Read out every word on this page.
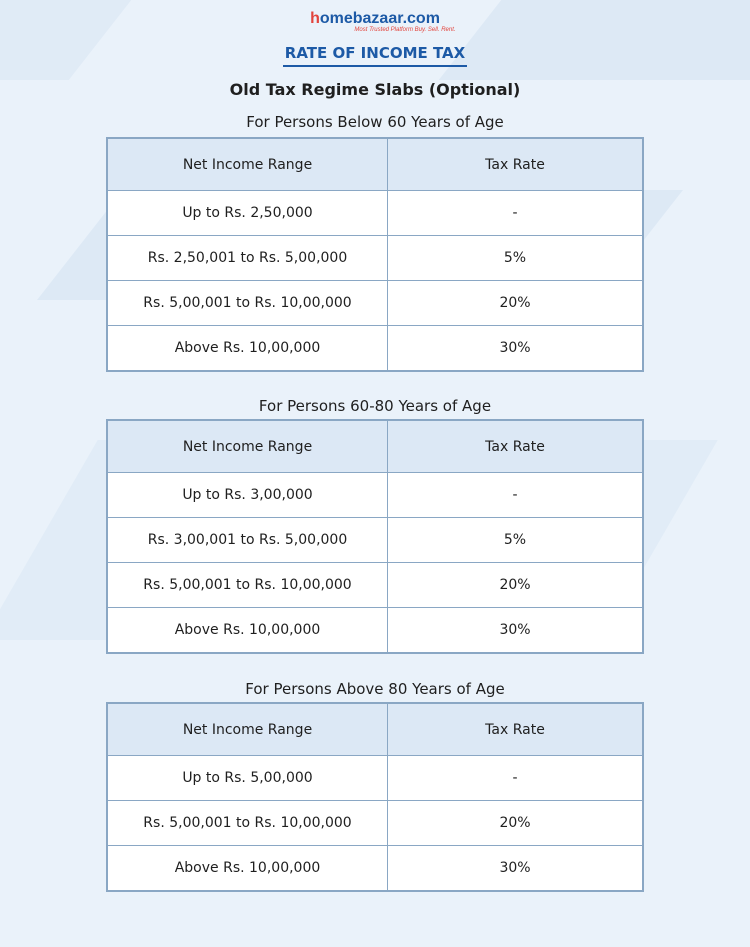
homebazaar.com
Most Trusted Platform Buy. Sell. Rent.
RATE OF INCOME TAX
Old Tax Regime Slabs (Optional)
For Persons Below 60 Years of Age
Net Income Range	Tax Rate
Up to Rs. 2,50,000	-
Rs. 2,50,001 to Rs. 5,00,000	5%
Rs. 5,00,001 to Rs. 10,00,000	20%
Above Rs. 10,00,000	30%
For Persons 60-80 Years of Age
Net Income Range	Tax Rate
Up to Rs. 3,00,000	-
Rs. 3,00,001 to Rs. 5,00,000	5%
Rs. 5,00,001 to Rs. 10,00,000	20%
Above Rs. 10,00,000	30%
For Persons Above 80 Years of Age
Net Income Range	Tax Rate
Up to Rs. 5,00,000	-
Rs. 5,00,001 to Rs. 10,00,000	20%
Above Rs. 10,00,000	30%
